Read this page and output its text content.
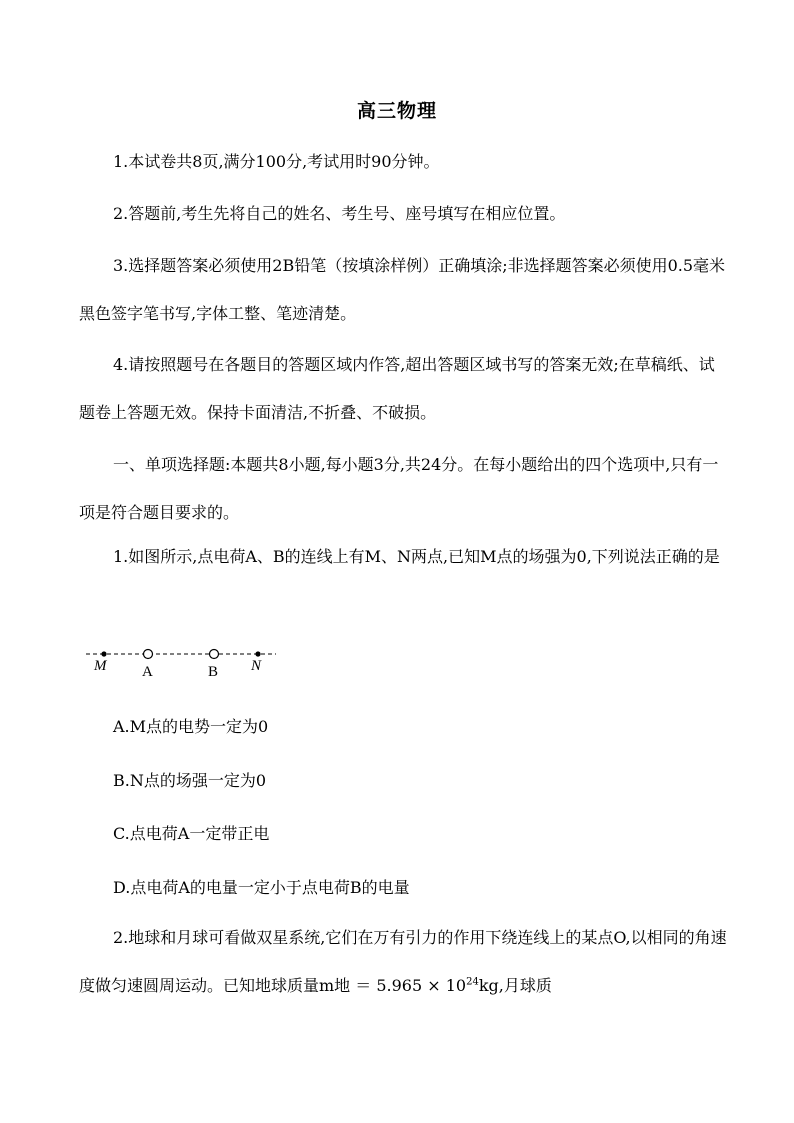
高三物理

1.本试卷共8页,满分100分,考试用时90分钟。

2.答题前,考生先将自己的姓名、考生号、座号填写在相应位置。

3.选择题答案必须使用2B铅笔（按填涂样例）正确填涂;非选择题答案必须使用0.5毫米黑色签字笔书写,字体工整、笔迹清楚。

4.请按照题号在各题目的答题区域内作答,超出答题区域书写的答案无效;在草稿纸、试题卷上答题无效。保持卡面清洁,不折叠、不破损。

一、单项选择题:本题共8小题,每小题3分,共24分。在每小题给出的四个选项中,只有一项是符合题目要求的。

1.如图所示,点电荷A、B的连线上有M、N两点,已知M点的场强为0,下列说法正确的是

M A	B N

A.M点的电势一定为0

B.N点的场强一定为0

C.点电荷A一定带正电

D.点电荷A的电量一定小于点电荷B的电量

2.地球和月球可看做双星系统,它们在万有引力的作用下绕连线上的某点O,以相同的角速度做匀速圆周运动。已知地球质量m地 ＝ $5.965 \times 10^{24}kg$,月球质
